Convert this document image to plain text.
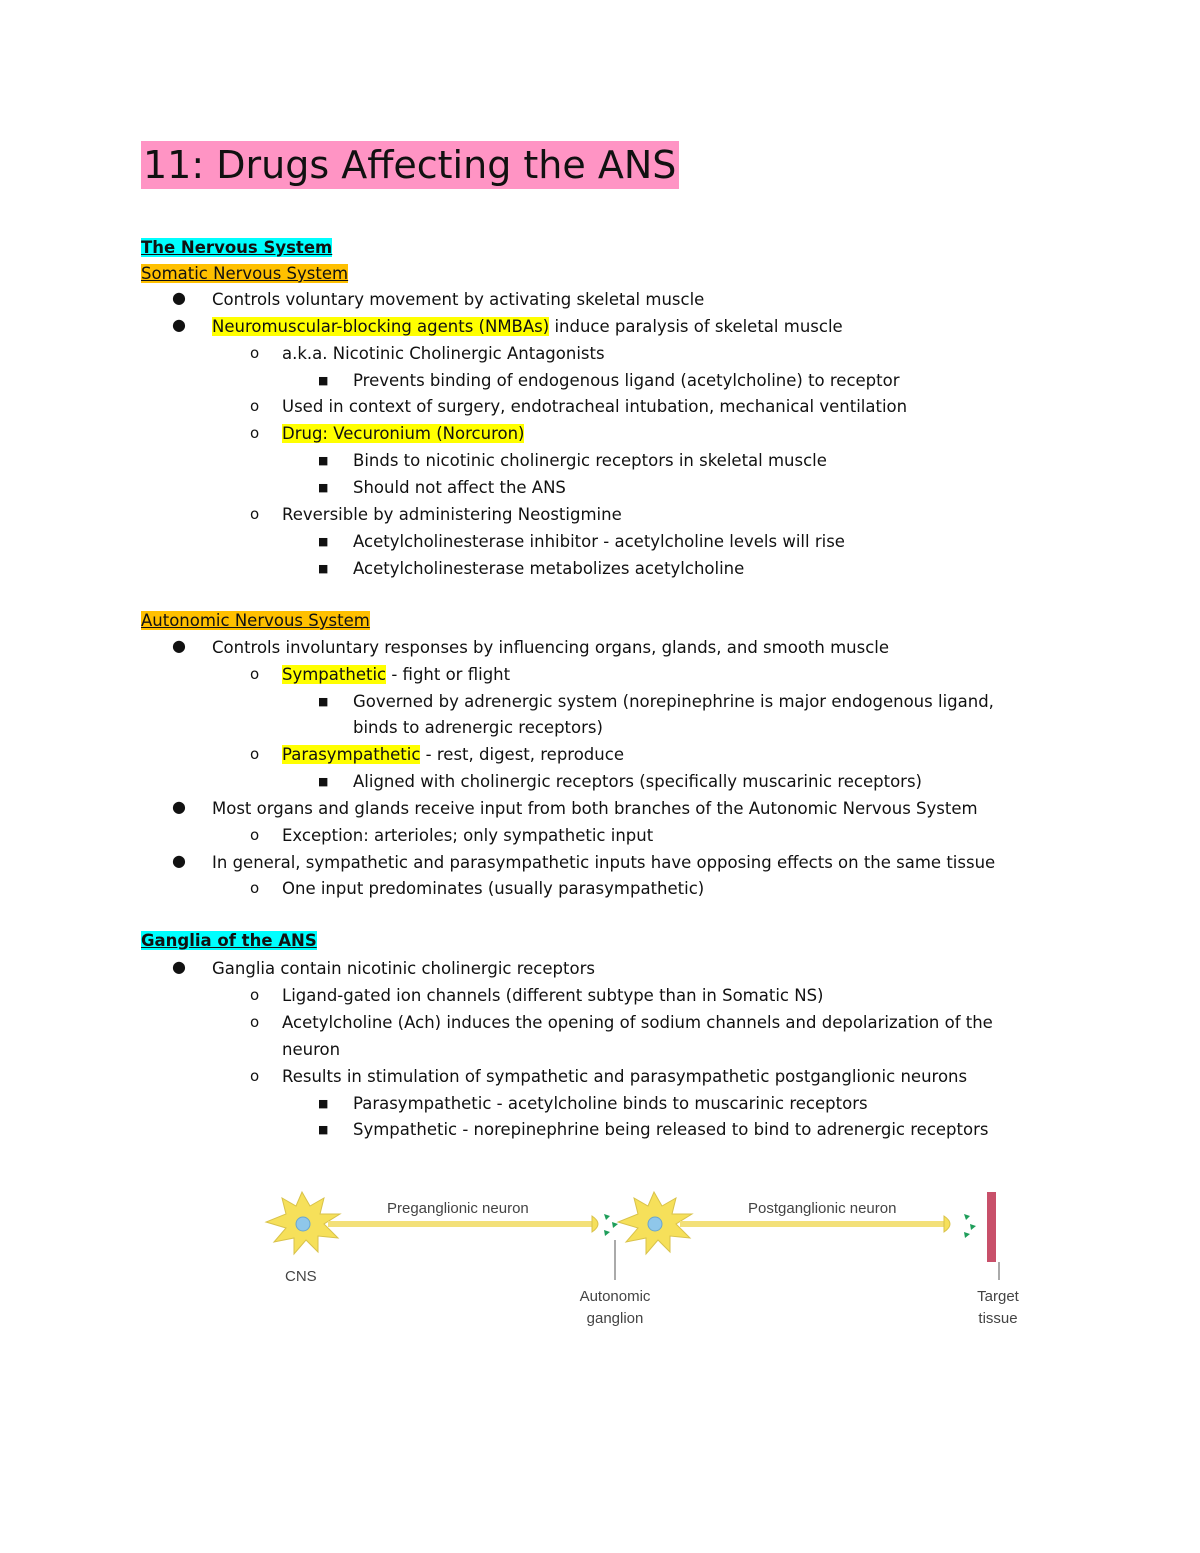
11: Drugs Affecting the ANS
The Nervous System
Somatic Nervous System
● Controls voluntary movement by activating skeletal muscle
● Neuromuscular-blocking agents (NMBAs) induce paralysis of skeletal muscle
o a.k.a. Nicotinic Cholinergic Antagonists
■ Prevents binding of endogenous ligand (acetylcholine) to receptor
o Used in context of surgery, endotracheal intubation, mechanical ventilation
o Drug: Vecuronium (Norcuron)
■ Binds to nicotinic cholinergic receptors in skeletal muscle
■ Should not affect the ANS
o Reversible by administering Neostigmine
■ Acetylcholinesterase inhibitor - acetylcholine levels will rise
■ Acetylcholinesterase metabolizes acetylcholine
Autonomic Nervous System
● Controls involuntary responses by influencing organs, glands, and smooth muscle
o Sympathetic - fight or flight
■ Governed by adrenergic system (norepinephrine is major endogenous ligand,
binds to adrenergic receptors)
o Parasympathetic - rest, digest, reproduce
■ Aligned with cholinergic receptors (specifically muscarinic receptors)
● Most organs and glands receive input from both branches of the Autonomic Nervous System
o Exception: arterioles; only sympathetic input
● In general, sympathetic and parasympathetic inputs have opposing effects on the same tissue
o One input predominates (usually parasympathetic)
Ganglia of the ANS
● Ganglia contain nicotinic cholinergic receptors
o Ligand-gated ion channels (different subtype than in Somatic NS)
o Acetylcholine (Ach) induces the opening of sodium channels and depolarization of the
neuron
o Results in stimulation of sympathetic and parasympathetic postganglionic neurons
■ Parasympathetic - acetylcholine binds to muscarinic receptors
■ Sympathetic - norepinephrine being released to bind to adrenergic receptors
Preganglionic neuron	Postganglionic neuron
CNS
Autonomic
ganglion
Target
tissue
